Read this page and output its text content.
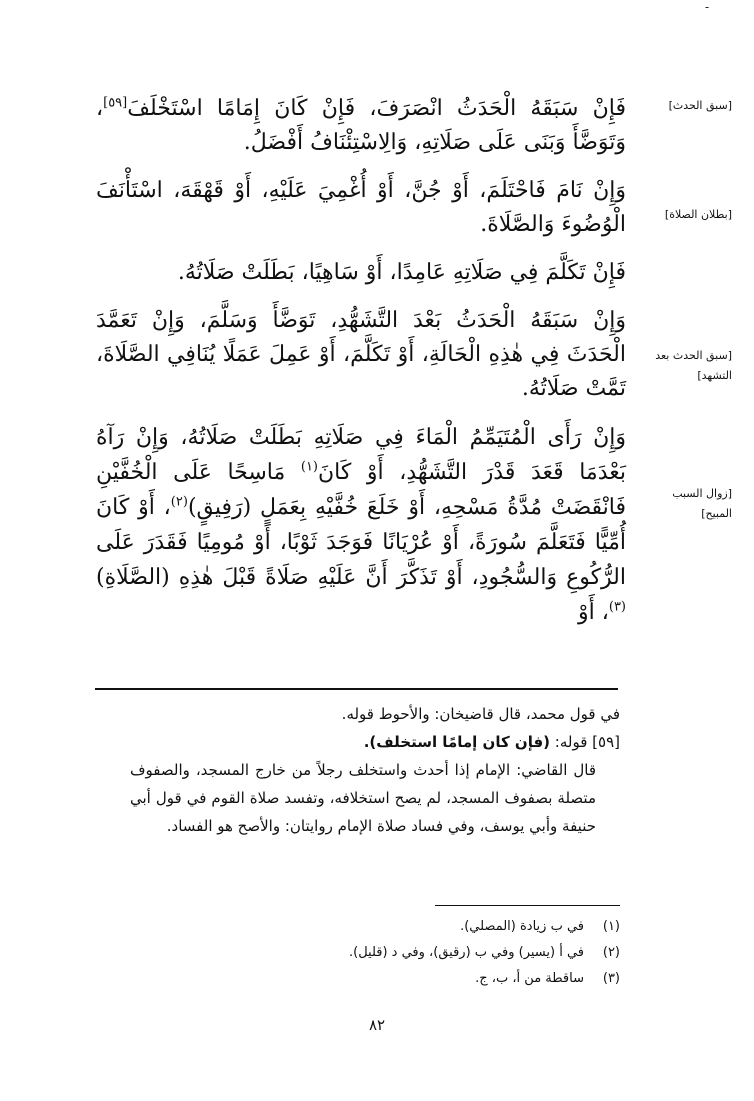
-
[سبق الحدث]
[بطلان الصلاة]
[سبق الحدث بعد التشهد]
[زوال السبب المبيح]

فَإِنْ سَبَقَهُ الْحَدَثُ انْصَرَفَ، فَإِنْ كَانَ إِمَامًا اسْتَخْلَفَ[٥٩]، وَتَوَضَّأَ وَبَنَى عَلَى صَلَاتِهِ، وَالِاسْتِئْنَافُ أَفْضَلُ.

وَإِنْ نَامَ فَاحْتَلَمَ، أَوْ جُنَّ، أَوْ أُغْمِيَ عَلَيْهِ، أَوْ قَهْقَهَ، اسْتَأْنَفَ الْوُضُوءَ وَالصَّلَاةَ.

فَإِنْ تَكَلَّمَ فِي صَلَاتِهِ عَامِدًا، أَوْ سَاهِيًا، بَطَلَتْ صَلَاتُهُ.

وَإِنْ سَبَقَهُ الْحَدَثُ بَعْدَ التَّشَهُّدِ، تَوَضَّأَ وَسَلَّمَ، وَإِنْ تَعَمَّدَ الْحَدَثَ فِي هٰذِهِ الْحَالَةِ، أَوْ تَكَلَّمَ، أَوْ عَمِلَ عَمَلًا يُنَافِي الصَّلَاةَ، تَمَّتْ صَلَاتُهُ.

وَإِنْ رَأَى الْمُتَيَمِّمُ الْمَاءَ فِي صَلَاتِهِ بَطَلَتْ صَلَاتُهُ، وَإِنْ رَآهُ بَعْدَمَا قَعَدَ قَدْرَ التَّشَهُّدِ، أَوْ كَانَ$^{(١)}$ مَاسِحًا عَلَى الْخُفَّيْنِ فَانْقَضَتْ مُدَّةُ مَسْحِهِ، أَوْ خَلَعَ خُفَّيْهِ بِعَمَلٍ (رَفِيقٍ)$^{(٢)}$، أَوْ كَانَ أُمِّيًّا فَتَعَلَّمَ سُورَةً، أَوْ عُرْيَانًا فَوَجَدَ ثَوْبًا، أَوْ مُومِيًا فَقَدَرَ عَلَى الرُّكُوعِ وَالسُّجُودِ، أَوْ تَذَكَّرَ أَنَّ عَلَيْهِ صَلَاةً قَبْلَ هٰذِهِ (الصَّلَاةِ)$^{(٣)}$، أَوْ

في قول محمد، قال قاضيخان: والأحوط قوله.

[٥٩] قوله: (فإن كان إمامًا استخلف).

قال القاضي: الإمام إذا أحدث واستخلف رجلاً من خارج المسجد، والصفوف متصلة بصفوف المسجد، لم يصح استخلافه، وتفسد صلاة القوم في قول أبي حنيفة وأبي يوسف، وفي فساد صلاة الإمام روايتان: والأصح هو الفساد.

(١)
في ب زيادة (المصلي).
(٢)
في أ (يسير) وفي ب (رقيق)، وفي د (قليل).
(٣)
ساقطة من أ، ب، ج.
٨٢
